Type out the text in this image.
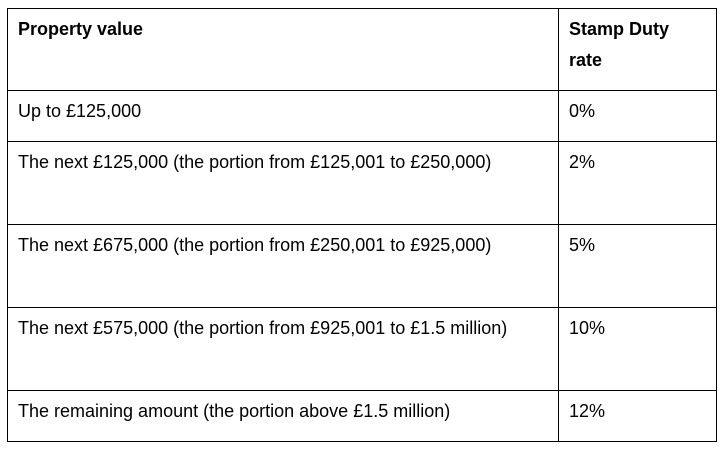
Property value	Stamp Duty rate
Up to £125,000	0%
The next £125,000 (the portion from £125,001 to £250,000)	2%
The next £675,000 (the portion from £250,001 to £925,000)	5%
The next £575,000 (the portion from £925,001 to £1.5 million)	10%
The remaining amount (the portion above £1.5 million)	12%
